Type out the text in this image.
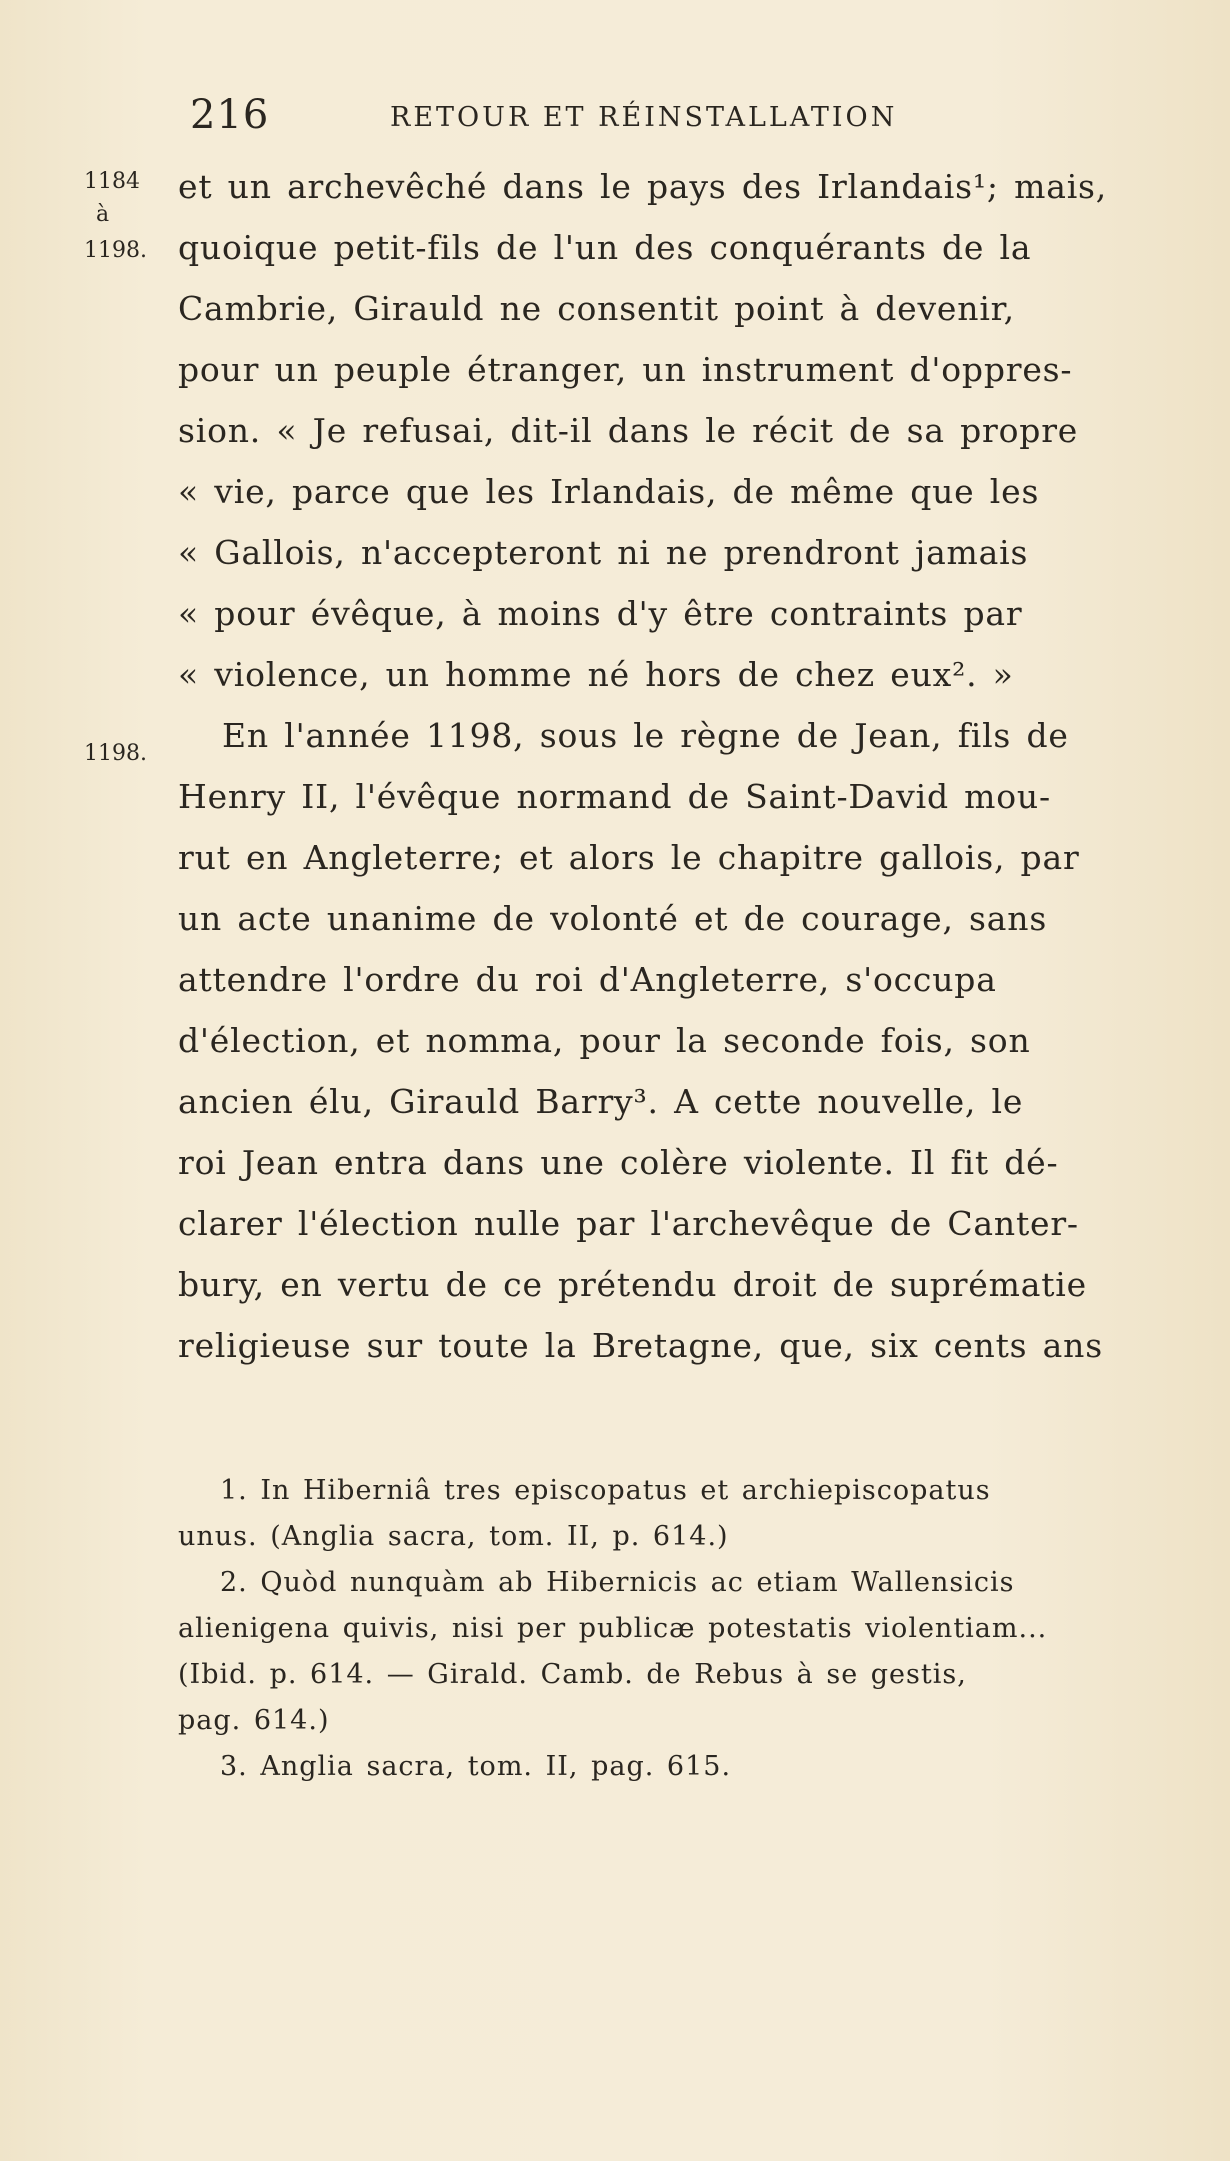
216	RETOUR ET RÉINSTALLATION
1184
à
1198.
1198.
et un archevêché dans le pays des Irlandais¹; mais,
quoique petit-fils de l'un des conquérants de la
Cambrie, Girauld ne consentit point à devenir,
pour un peuple étranger, un instrument d'oppres-
sion. « Je refusai, dit-il dans le récit de sa propre
« vie, parce que les Irlandais, de même que les
« Gallois, n'accepteront ni ne prendront jamais
« pour évêque, à moins d'y être contraints par
« violence, un homme né hors de chez eux². »
En l'année 1198, sous le règne de Jean, fils de
Henry II, l'évêque normand de Saint-David mou-
rut en Angleterre; et alors le chapitre gallois, par
un acte unanime de volonté et de courage, sans
attendre l'ordre du roi d'Angleterre, s'occupa
d'élection, et nomma, pour la seconde fois, son
ancien élu, Girauld Barry³. A cette nouvelle, le
roi Jean entra dans une colère violente. Il fit dé-
clarer l'élection nulle par l'archevêque de Canter-
bury, en vertu de ce prétendu droit de suprématie
religieuse sur toute la Bretagne, que, six cents ans
1. In Hiberniâ tres episcopatus et archiepiscopatus
unus. (Anglia sacra, tom. II, p. 614.)
2. Quòd nunquàm ab Hibernicis ac etiam Wallensicis
alienigena quivis, nisi per publicæ potestatis violentiam...
(Ibid. p. 614. — Girald. Camb. de Rebus à se gestis,
pag. 614.)
3. Anglia sacra, tom. II, pag. 615.
